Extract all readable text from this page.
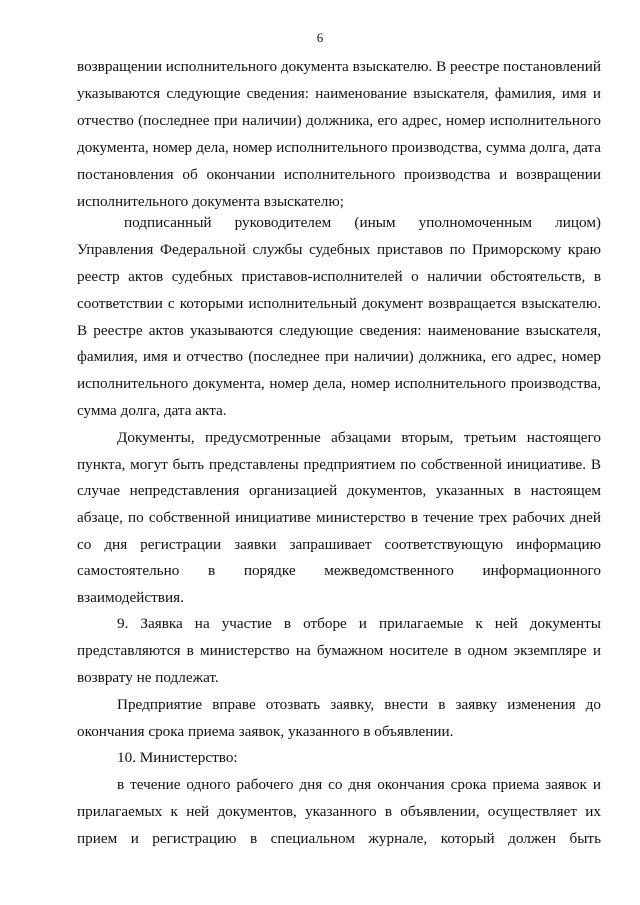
6
возвращении исполнительного документа взыскателю. В реестре постановлений
указываются следующие сведения: наименование взыскателя, фамилия, имя и
отчество (последнее при наличии) должника, его адрес, номер исполнительного
документа, номер дела, номер исполнительного производства, сумма долга, дата
постановления об окончании исполнительного производства и возвращении
исполнительного документа взыскателю;
подписанный руководителем (иным уполномоченным лицом)
Управления Федеральной службы судебных приставов по Приморскому краю
реестр актов судебных приставов-исполнителей о наличии обстоятельств, в
соответствии с которыми исполнительный документ возвращается взыскателю.
В реестре актов указываются следующие сведения: наименование взыскателя,
фамилия, имя и отчество (последнее при наличии) должника, его адрес, номер
исполнительного документа, номер дела, номер исполнительного производства,
сумма долга, дата акта.
Документы, предусмотренные абзацами вторым, третьим настоящего
пункта, могут быть представлены предприятием по собственной инициативе. В
случае непредставления организацией документов, указанных в настоящем
абзаце, по собственной инициативе министерство в течение трех рабочих дней
со дня регистрации заявки запрашивает соответствующую информацию
самостоятельно в порядке межведомственного информационного
взаимодействия.
9. Заявка на участие в отборе и прилагаемые к ней документы
представляются в министерство на бумажном носителе в одном экземпляре и
возврату не подлежат.
Предприятие вправе отозвать заявку, внести в заявку изменения до
окончания срока приема заявок, указанного в объявлении.
10. Министерство:
в течение одного рабочего дня со дня окончания срока приема заявок и
прилагаемых к ней документов, указанного в объявлении, осуществляет их
прием и регистрацию в специальном журнале, который должен быть
